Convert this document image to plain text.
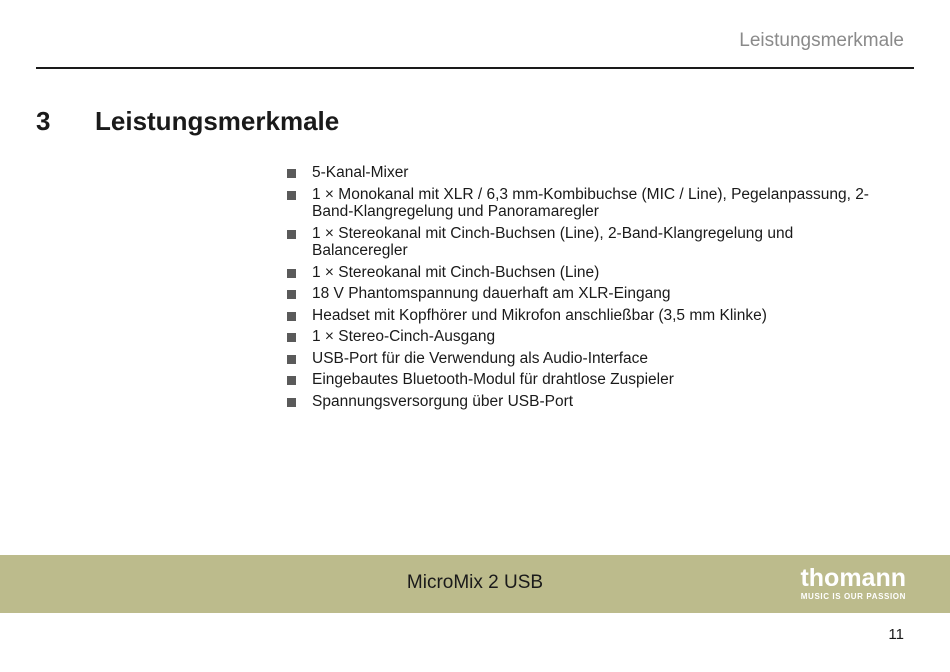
Leistungsmerkmale
3 Leistungsmerkmale
5-Kanal-Mixer
1 × Monokanal mit XLR / 6,3 mm-Kombibuchse (MIC / Line), Pegelanpassung, 2-Band-Klangregelung und Panoramaregler
1 × Stereokanal mit Cinch-Buchsen (Line), 2-Band-Klangregelung und Balanceregler
1 × Stereokanal mit Cinch-Buchsen (Line)
18 V Phantomspannung dauerhaft am XLR-Eingang
Headset mit Kopfhörer und Mikrofon anschließbar (3,5 mm Klinke)
1 × Stereo-Cinch-Ausgang
USB-Port für die Verwendung als Audio-Interface
Eingebautes Bluetooth-Modul für drahtlose Zuspieler
Spannungsversorgung über USB-Port
MicroMix 2 USB	thomann
MUSIC IS OUR PASSION
11
